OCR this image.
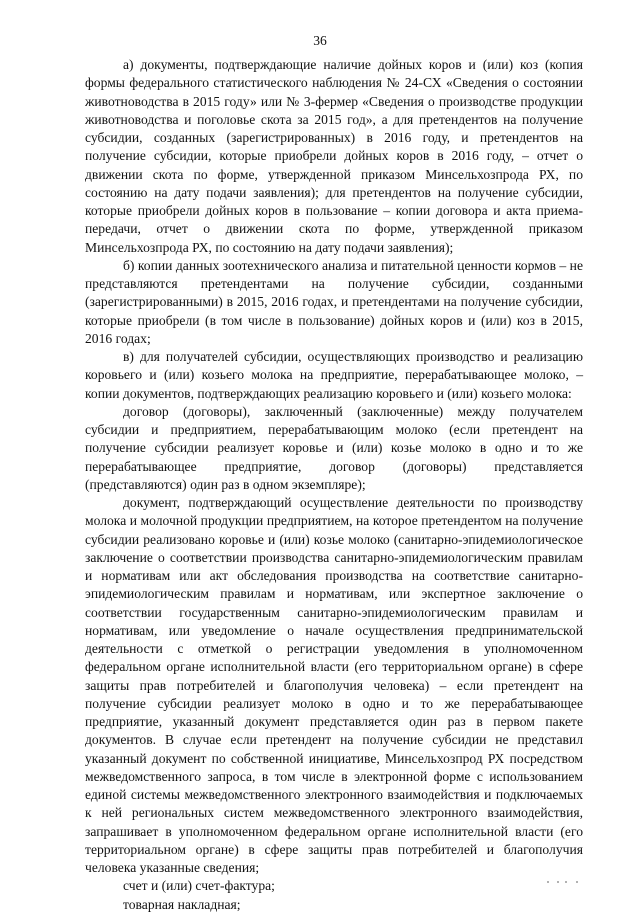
36

а) документы, подтверждающие наличие дойных коров и (или) коз (копия формы федерального статистического наблюдения № 24-СХ «Сведения о состоянии животноводства в 2015 году» или № 3-фермер «Сведения о производстве продукции животноводства и поголовье скота за 2015 год», а для претендентов на получение субсидии, созданных (зарегистрированных) в 2016 году, и претендентов на получение субсидии, которые приобрели дойных коров в 2016 году, – отчет о движении скота по форме, утвержденной приказом Минсельхозпрода РХ, по состоянию на дату подачи заявления); для претендентов на получение субсидии, которые приобрели дойных коров в пользование – копии договора и акта приема-передачи, отчет о движении скота по форме, утвержденной приказом Минсельхозпрода РХ, по состоянию на дату подачи заявления);

б) копии данных зоотехнического анализа и питательной ценности кормов – не представляются претендентами на получение субсидии, созданными (зарегистрированными) в 2015, 2016 годах, и претендентами на получение субсидии, которые приобрели (в том числе в пользование) дойных коров и (или) коз в 2015, 2016 годах;

в) для получателей субсидии, осуществляющих производство и реализацию коровьего и (или) козьего молока на предприятие, перерабатывающее молоко, – копии документов, подтверждающих реализацию коровьего и (или) козьего молока:

договор (договоры), заключенный (заключенные) между получателем субсидии и предприятием, перерабатывающим молоко (если претендент на получение субсидии реализует коровье и (или) козье молоко в одно и то же перерабатывающее предприятие, договор (договоры) представляется (представляются) один раз в одном экземпляре);

документ, подтверждающий осуществление деятельности по производству молока и молочной продукции предприятием, на которое претендентом на получение субсидии реализовано коровье и (или) козье молоко (санитарно-эпидемиологическое заключение о соответствии производства санитарно-эпидемиологическим правилам и нормативам или акт обследования производства на соответствие санитарно-эпидемиологическим правилам и нормативам, или экспертное заключение о соответствии государственным санитарно-эпидемиологическим правилам и нормативам, или уведомление о начале осуществления предпринимательской деятельности с отметкой о регистрации уведомления в уполномоченном федеральном органе исполнительной власти (его территориальном органе) в сфере защиты прав потребителей и благополучия человека) – если претендент на получение субсидии реализует молоко в одно и то же перерабатывающее предприятие, указанный документ представляется один раз в первом пакете документов. В случае если претендент на получение субсидии не представил указанный документ по собственной инициативе, Минсельхозпрод РХ посредством межведомственного запроса, в том числе в электронной форме с использованием единой системы межведомственного электронного взаимодействия и подключаемых к ней региональных систем межведомственного электронного взаимодействия, запрашивает в уполномоченном федеральном органе исполнительной власти (его территориальном органе) в сфере защиты прав потребителей и благополучия человека указанные сведения;

счет и (или) счет-фактура;

товарная накладная;
